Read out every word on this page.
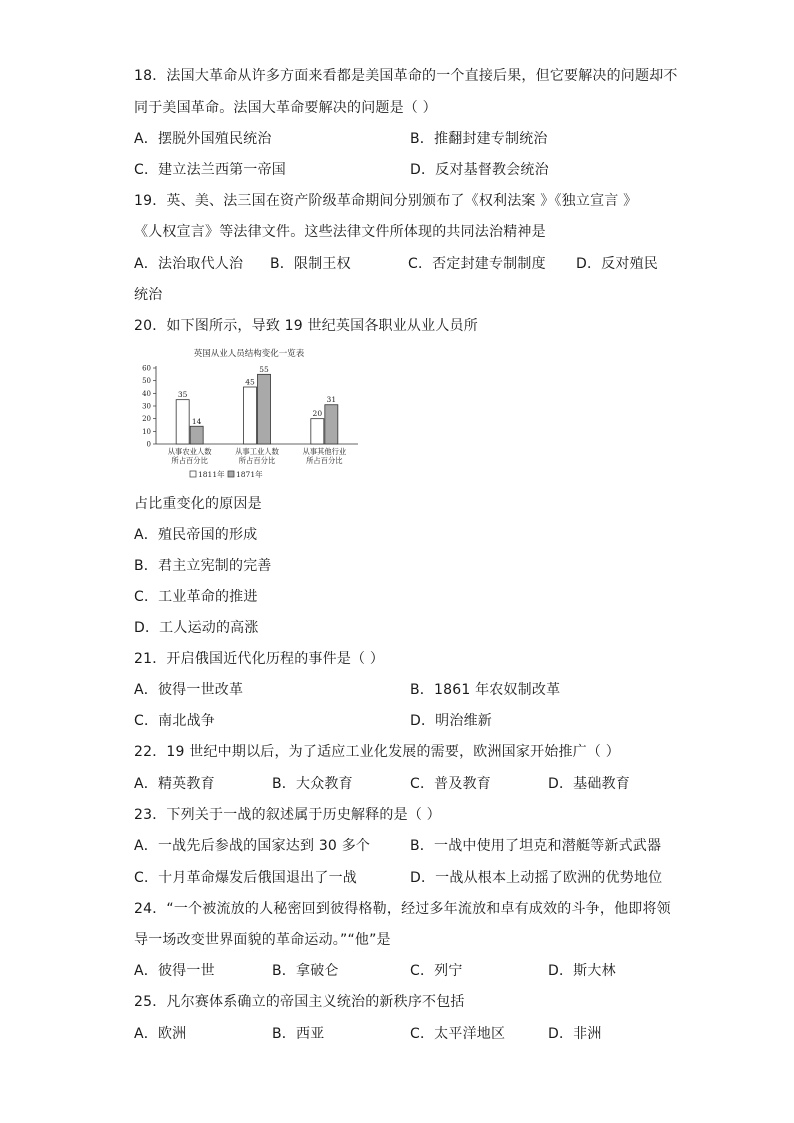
18．法国大革命从许多方面来看都是美国革命的一个直接后果，但它要解决的问题却不
同于美国革命。法国大革命要解决的问题是（ ）
A．摆脱外国殖民统治	B．推翻封建专制统治
C．建立法兰西第一帝国	D．反对基督教会统治
19．英、美、法三国在资产阶级革命期间分别颁布了《权利法案 》《独立宣言 》
《人权宣言》等法律文件。这些法律文件所体现的共同法治精神是
A．法治取代人治 B．限制王权	C．否定封建专制制度 D．反对殖民
统治
20．如下图所示，导致 19 世纪英国各职业从业人员所
英国从业人员结构变化一览表
0
10
20
30
40
50
60
35
14
45
55
20
31
从事农业人数
所占百分比
从事工业人数
所占百分比
从事其他行业
所占百分比
1811年 1871年
占比重变化的原因是
A．殖民帝国的形成
B．君主立宪制的完善
C．工业革命的推进
D．工人运动的高涨
21．开启俄国近代化历程的事件是（ ）
A．彼得一世改革	B．1861 年农奴制改革
C．南北战争	D．明治维新
22．19 世纪中期以后，为了适应工业化发展的需要，欧洲国家开始推广（ ）
A．精英教育	B．大众教育	C．普及教育	D．基础教育
23．下列关于一战的叙述属于历史解释的是（ ）
A．一战先后参战的国家达到 30 多个	B．一战中使用了坦克和潜艇等新式武器
C．十月革命爆发后俄国退出了一战	D．一战从根本上动摇了欧洲的优势地位
24．“一个被流放的人秘密回到彼得格勒，经过多年流放和卓有成效的斗争，他即将领
导一场改变世界面貌的革命运动。”“他”是
A．彼得一世	B．拿破仑	C．列宁	D．斯大林
25．凡尔赛体系确立的帝国主义统治的新秩序不包括
A．欧洲	B．西亚	C．太平洋地区	D．非洲
